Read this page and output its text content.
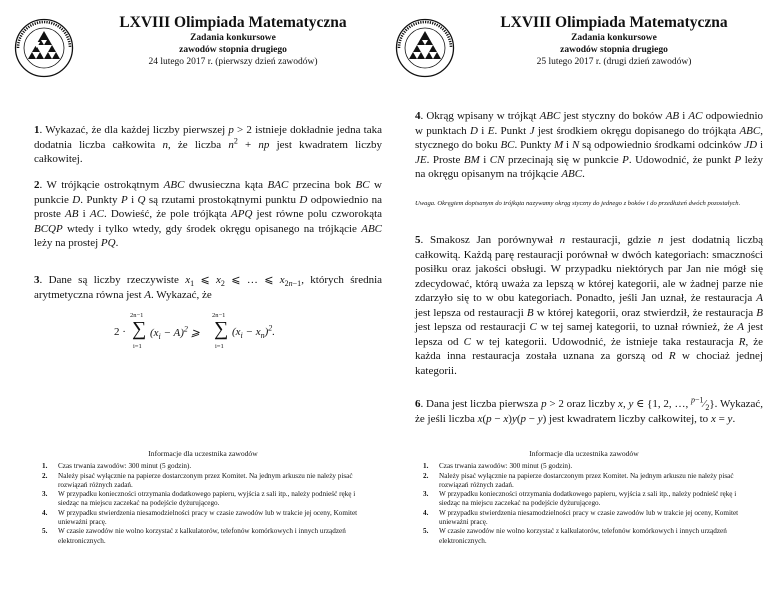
LXVIII Olimpiada Matematyczna
Zadania konkursowe
zawodów stopnia drugiego
24 lutego 2017 r. (pierwszy dzień zawodów)
1. Wykazać, że dla każdej liczby pierwszej p > 2 istnieje dokładnie jedna taka dodatnia liczba całkowita n, że liczba $n^2$ + np jest kwadratem liczby całkowitej.
2. W trójkącie ostrokątnym ABC dwusieczna kąta BAC przecina bok BC w punkcie D. Punkty P i Q są rzutami prostokątnymi punktu D odpowiednio na proste AB i AC. Dowieść, że pole trójkąta APQ jest równe polu czworokąta BCQP wtedy i tylko wtedy, gdy środek okręgu opisanego na trójkącie ABC leży na prostej PQ.
3. Dane są liczby rzeczywiste $x_1$ ⩽ $x_2$ ⩽ … ⩽ $x_{2n-1}$, których średnia arytmetyczna równa jest A. Wykazać, że
2 ·
2n−1
∑
i=1
$(x_i - A)^2$ ⩾
2n−1
∑
i=1
$(x_i - x_n)^2$.
Informacje dla uczestnika zawodów
1. Czas trwania zawodów: 300 minut (5 godzin).
2. Należy pisać wyłącznie na papierze dostarczonym przez Komitet. Na jednym arkuszu nie należy pisać rozwiązań różnych zadań.
3. W przypadku konieczności otrzymania dodatkowego papieru, wyjścia z sali itp., należy podnieść rękę i siedząc na miejscu zaczekać na podejście dyżurującego.
4. W przypadku stwierdzenia niesamodzielności pracy w czasie zawodów lub w trakcie jej oceny, Komitet unieważni pracę.
5. W czasie zawodów nie wolno korzystać z kalkulatorów, telefonów komórkowych i innych urządzeń elektronicznych.
LXVIII Olimpiada Matematyczna
Zadania konkursowe
zawodów stopnia drugiego
25 lutego 2017 r. (drugi dzień zawodów)
4. Okrąg wpisany w trójkąt ABC jest styczny do boków AB i AC odpowiednio w punktach D i E. Punkt J jest środkiem okręgu dopisanego do trójkąta ABC, stycznego do boku BC. Punkty M i N są odpowiednio środkami odcinków JD i JE. Proste BM i CN przecinają się w punkcie P. Udowodnić, że punkt P leży na okręgu opisanym na trójkącie ABC.
Uwaga. Okręgiem dopisanym do trójkąta nazywamy okrąg styczny do jednego z boków i do przedłużeń dwóch pozostałych.
5. Smakosz Jan porównywał n restauracji, gdzie n jest dodatnią liczbą całkowitą. Każdą parę restauracji porównał w dwóch kategoriach: smaczności posiłku oraz jakości obsługi. W przypadku niektórych par Jan nie mógł się zdecydować, którą uważa za lepszą w której kategorii, ale w żadnej parze nie zdarzyło się to w obu kategoriach. Ponadto, jeśli Jan uznał, że restauracja A jest lepsza od restauracji B w której kategorii, oraz stwierdził, że restauracja B jest lepsza od restauracji C w tej samej kategorii, to uznał również, że A jest lepsza od C w tej kategorii. Udowodnić, że istnieje taka restauracja R, że każda inna restauracja została uznana za gorszą od R w chociaż jednej kategorii.
6. Dana jest liczba pierwsza p > 2 oraz liczby x, y ∈ {1, 2, …, $^{p-1}⁄_2$}. Wykazać, że jeśli liczba x(p − x)y(p − y) jest kwadratem liczby całkowitej, to x = y.
Informacje dla uczestnika zawodów
1. Czas trwania zawodów: 300 minut (5 godzin).
2. Należy pisać wyłącznie na papierze dostarczonym przez Komitet. Na jednym arkuszu nie należy pisać rozwiązań różnych zadań.
3. W przypadku konieczności otrzymania dodatkowego papieru, wyjścia z sali itp., należy podnieść rękę i siedząc na miejscu zaczekać na podejście dyżurującego.
4. W przypadku stwierdzenia niesamodzielności pracy w czasie zawodów lub w trakcie jej oceny, Komitet unieważni pracę.
5. W czasie zawodów nie wolno korzystać z kalkulatorów, telefonów komórkowych i innych urządzeń elektronicznych.
